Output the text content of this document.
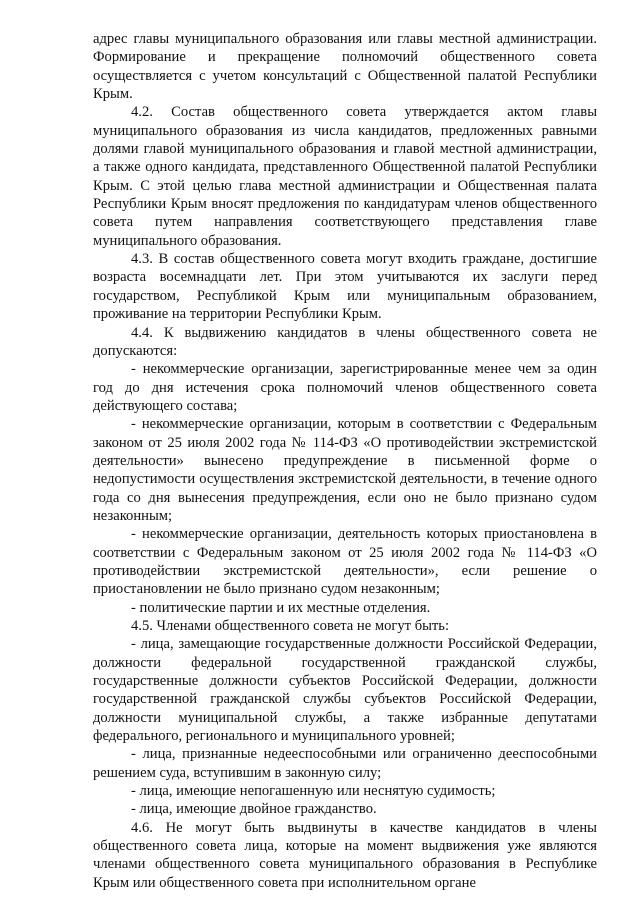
адрес главы муниципального образования или главы местной администрации. Формирование и прекращение полномочий общественного совета осуществляется с учетом консультаций с Общественной палатой Республики Крым.

4.2. Состав общественного совета утверждается актом главы муниципального образования из числа кандидатов, предложенных равными долями главой муниципального образования и главой местной администрации, а также одного кандидата, представленного Общественной палатой Республики Крым. С этой целью глава местной администрации и Общественная палата Республики Крым вносят предложения по кандидатурам членов общественного совета путем направления соответствующего представления главе муниципального образования.

4.3. В состав общественного совета могут входить граждане, достигшие возраста восемнадцати лет. При этом учитываются их заслуги перед государством, Республикой Крым или муниципальным образованием, проживание на территории Республики Крым.

4.4. К выдвижению кандидатов в члены общественного совета не допускаются:

- некоммерческие организации, зарегистрированные менее чем за один год до дня истечения срока полномочий членов общественного совета действующего состава;

- некоммерческие организации, которым в соответствии с Федеральным законом от 25 июля 2002 года № 114-ФЗ «О противодействии экстремистской деятельности» вынесено предупреждение в письменной форме о недопустимости осуществления экстремистской деятельности, в течение одного года со дня вынесения предупреждения, если оно не было признано судом незаконным;

- некоммерческие организации, деятельность которых приостановлена в соответствии с Федеральным законом от 25 июля 2002 года № 114-ФЗ «О противодействии экстремистской деятельности», если решение о приостановлении не было признано судом незаконным;

- политические партии и их местные отделения.

4.5. Членами общественного совета не могут быть:

- лица, замещающие государственные должности Российской Федерации, должности федеральной государственной гражданской службы, государственные должности субъектов Российской Федерации, должности государственной гражданской службы субъектов Российской Федерации, должности муниципальной службы, а также избранные депутатами федерального, регионального и муниципального уровней;

- лица, признанные недееспособными или ограниченно дееспособными решением суда, вступившим в законную силу;

- лица, имеющие непогашенную или неснятую судимость;

- лица, имеющие двойное гражданство.

4.6. Не могут быть выдвинуты в качестве кандидатов в члены общественного совета лица, которые на момент выдвижения уже являются членами общественного совета муниципального образования в Республике Крым или общественного совета при исполнительном органе
